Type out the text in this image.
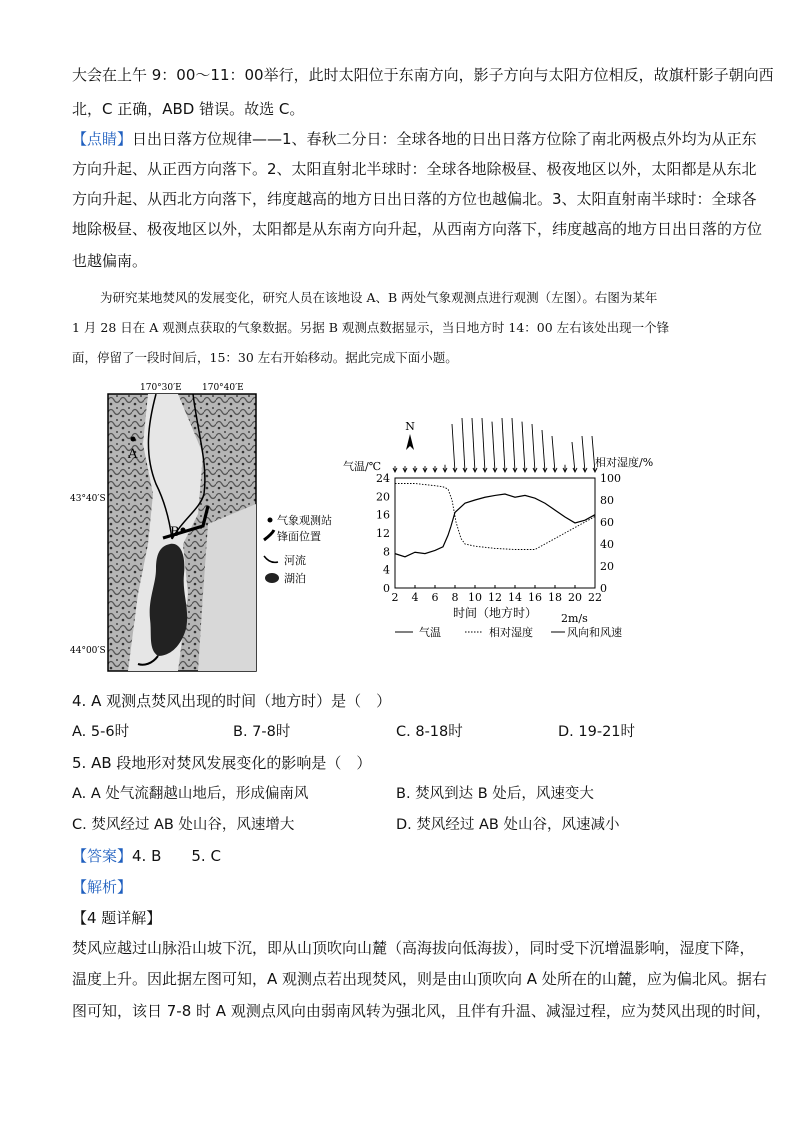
大会在上午 9：00～11：00举行，此时太阳位于东南方向，影子方向与太阳方位相反，故旗杆影子朝向西
北，C 正确，ABD 错误。故选 C。
【点睛】日出日落方位规律——1、春秋二分日：全球各地的日出日落方位除了南北两极点外均为从正东
方向升起、从正西方向落下。2、太阳直射北半球时：全球各地除极昼、极夜地区以外，太阳都是从东北
方向升起、从西北方向落下，纬度越高的地方日出日落的方位也越偏北。3、太阳直射南半球时：全球各
地除极昼、极夜地区以外，太阳都是从东南方向升起，从西南方向落下，纬度越高的地方日出日落的方位
也越偏南。
为研究某地焚风的发展变化，研究人员在该地设 A、B 两处气象观测点进行观测（左图）。右图为某年
1 月 28 日在 A 观测点获取的气象数据。另据 B 观测点数据显示，当日地方时 14：00 左右该处出现一个锋
面，停留了一段时间后，15：30 左右开始移动。据此完成下面小题。
170°30′E 170°40′E
43°40′S
44°00′S
A
B
气象观测站
锋面位置
河流
湖泊
2 4 6 8 10 12 14 16 18 20 22
0
4
8
12
16
20
24
0
20
40
60
80
100
气温/℃	相对湿度/%
时间（地方时）
N
气温	相对湿度
2m/s
风向和风速
4. A 观测点焚风出现的时间（地方时）是（　）
A. 5-6时	B. 7-8时	C. 8-18时	D. 19-21时
5. AB 段地形对焚风发展变化的影响是（　）
A. A 处气流翻越山地后，形成偏南风	B. 焚风到达 B 处后，风速变大
C. 焚风经过 AB 处山谷，风速增大	D. 焚风经过 AB 处山谷，风速减小
【答案】4. B　　5. C
【解析】
【4 题详解】
焚风应越过山脉沿山坡下沉，即从山顶吹向山麓（高海拔向低海拔），同时受下沉增温影响，湿度下降，
温度上升。因此据左图可知，A 观测点若出现焚风，则是由山顶吹向 A 处所在的山麓，应为偏北风。据右
图可知，该日 7-8 时 A 观测点风向由弱南风转为强北风，且伴有升温、减湿过程，应为焚风出现的时间，
